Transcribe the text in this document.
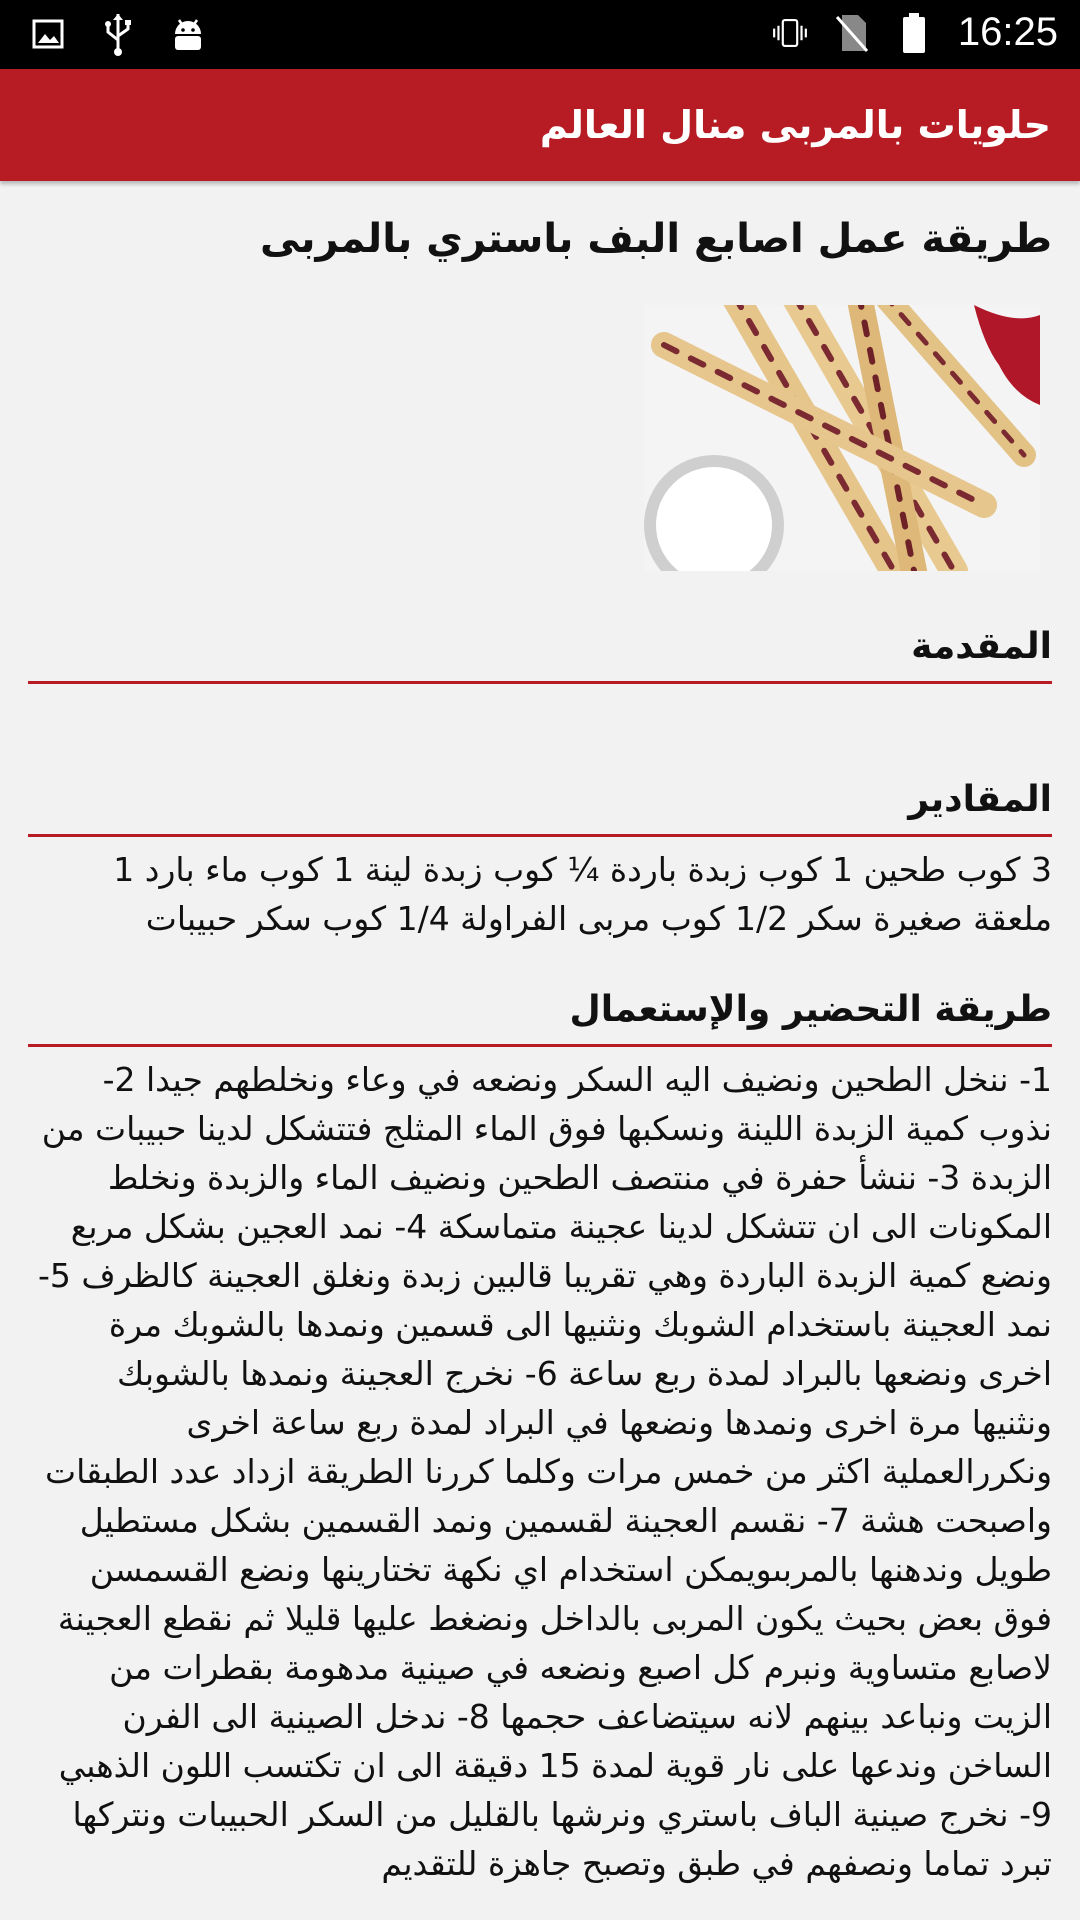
16:25
حلويات بالمربى منال العالم
طريقة عمل اصابع البف باستري بالمربى
المقدمة
المقادير
3 كوب طحين 1 كوب زبدة باردة ¼ كوب زبدة لينة 1 كوب ماء بارد 1 ملعقة صغيرة سكر 1/2 كوب مربى الفراولة 1/4 كوب سكر حبيبات
طريقة التحضير والإستعمال
1- ننخل الطحين ونضيف اليه السكر ونضعه في وعاء ونخلطهم جيدا 2- نذوب كمية الزبدة اللينة ونسكبها فوق الماء المثلج فتتشكل لدينا حبيبات من الزبدة 3- ننشأ حفرة في منتصف الطحين ونضيف الماء والزبدة ونخلط المكونات الى ان تتشكل لدينا عجينة متماسكة 4- نمد العجين بشكل مربع ونضع كمية الزبدة الباردة وهي تقريبا قالبين زبدة ونغلق العجينة كالظرف 5- نمد العجينة باستخدام الشوبك ونثنيها الى قسمين ونمدها بالشوبك مرة اخرى ونضعها بالبراد لمدة ربع ساعة 6- نخرج العجينة ونمدها بالشوبك ونثنيها مرة اخرى ونمدها ونضعها في البراد لمدة ربع ساعة اخرى ونكررالعملية اكثر من خمس مرات وكلما كررنا الطريقة ازداد عدد الطبقات واصبحت هشة 7- نقسم العجينة لقسمين ونمد القسمين بشكل مستطيل طويل وندهنها بالمربىويمكن استخدام اي نكهة تختارينها ونضع القسمسن فوق بعض بحيث يكون المربى بالداخل ونضغط عليها قليلا ثم نقطع العجينة لاصابع متساوية ونبرم كل اصبع ونضعه في صينية مدهومة بقطرات من الزيت ونباعد بينهم لانه سيتضاعف حجمها 8- ندخل الصينية الى الفرن الساخن وندعها على نار قوية لمدة 15 دقيقة الى ان تكتسب اللون الذهبي 9- نخرج صينية الباف باستري ونرشها بالقليل من السكر الحبيبات ونتركها تبرد تماما ونصفهم في طبق وتصبح جاهزة للتقديم
